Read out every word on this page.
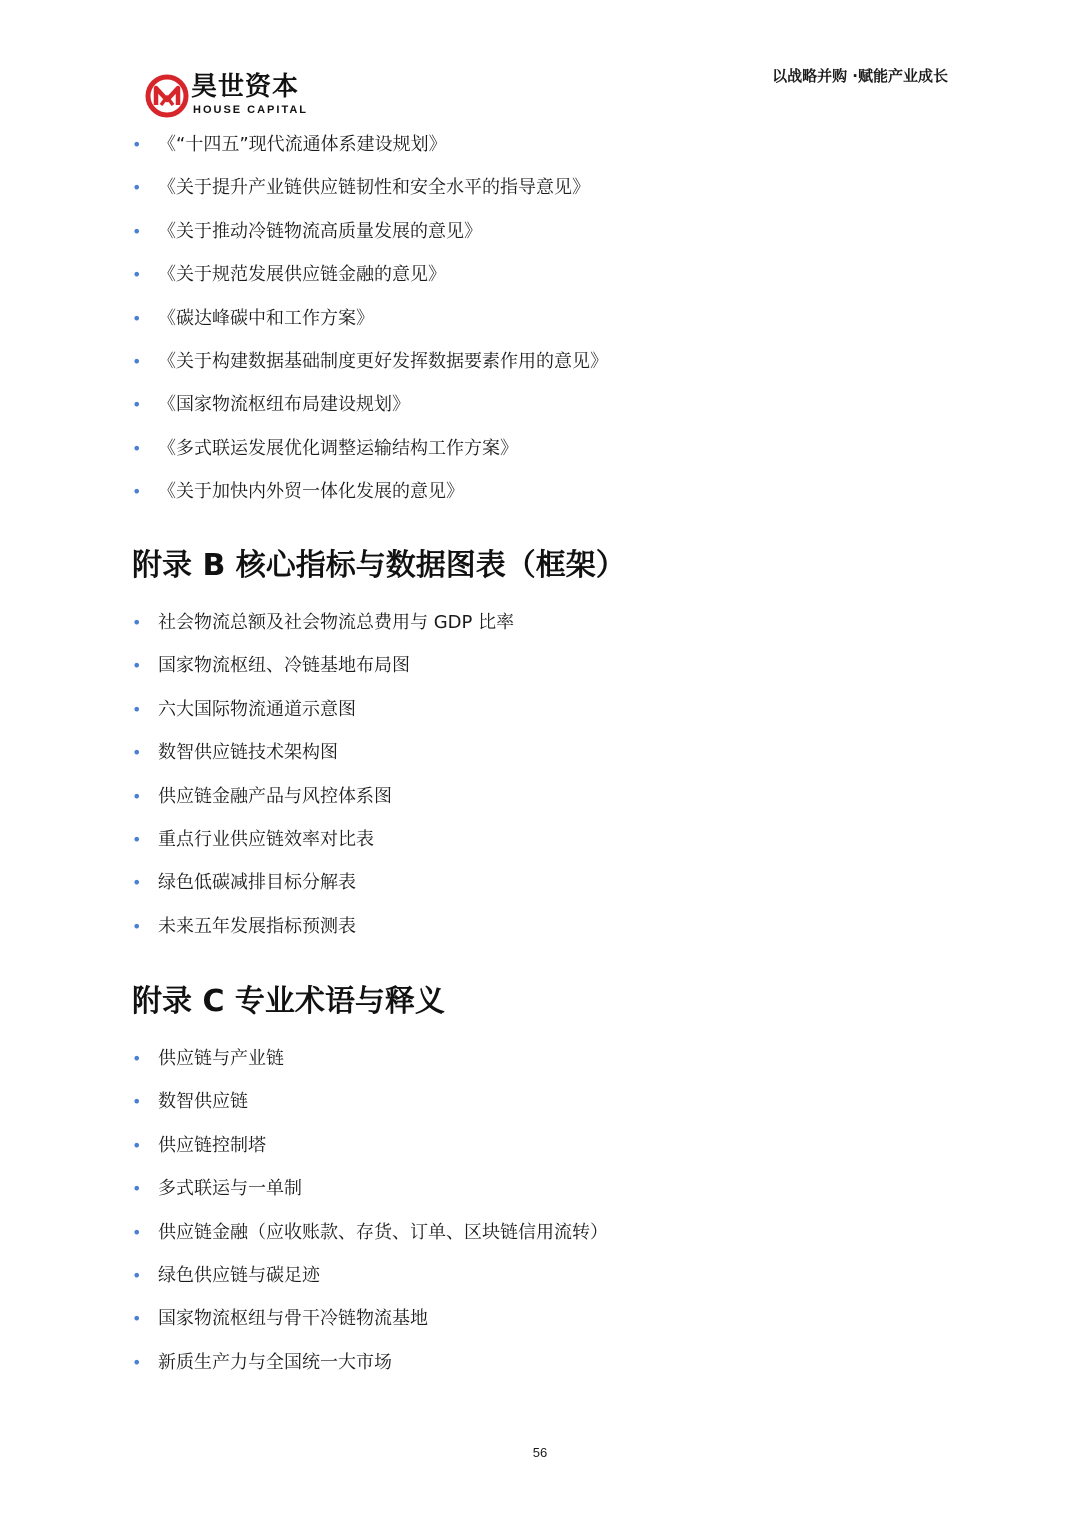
昊世资本
HOUSE CAPITAL
以战略并购 ·赋能产业成长
• 《“十四五”现代流通体系建设规划》
• 《关于提升产业链供应链韧性和安全水平的指导意见》
• 《关于推动冷链物流高质量发展的意见》
• 《关于规范发展供应链金融的意见》
• 《碳达峰碳中和工作方案》
• 《关于构建数据基础制度更好发挥数据要素作用的意见》
• 《国家物流枢纽布局建设规划》
• 《多式联运发展优化调整运输结构工作方案》
• 《关于加快内外贸一体化发展的意见》
附录 B 核心指标与数据图表（框架）
• 社会物流总额及社会物流总费用与 GDP 比率
• 国家物流枢纽、冷链基地布局图
• 六大国际物流通道示意图
• 数智供应链技术架构图
• 供应链金融产品与风控体系图
• 重点行业供应链效率对比表
• 绿色低碳减排目标分解表
• 未来五年发展指标预测表
附录 C 专业术语与释义
• 供应链与产业链
• 数智供应链
• 供应链控制塔
• 多式联运与一单制
• 供应链金融（应收账款、存货、订单、区块链信用流转）
• 绿色供应链与碳足迹
• 国家物流枢纽与骨干冷链物流基地
• 新质生产力与全国统一大市场
56
